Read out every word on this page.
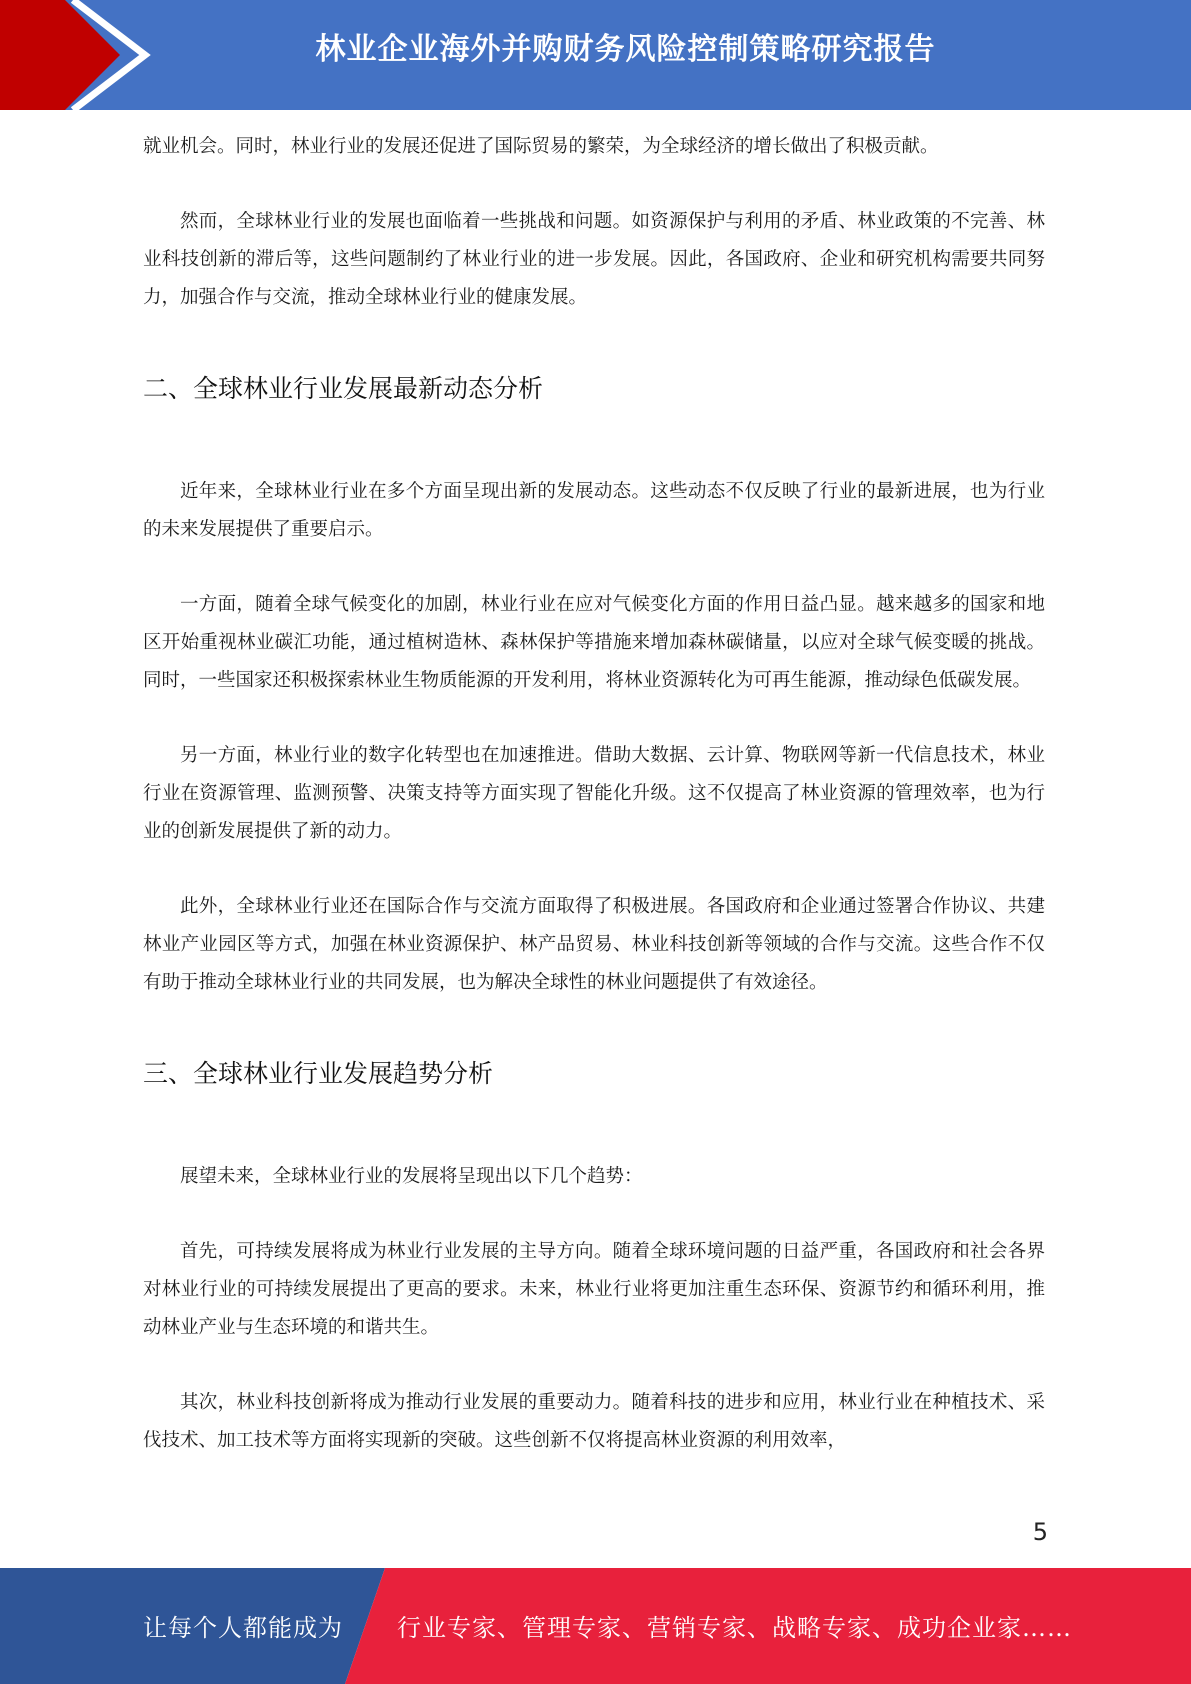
林业企业海外并购财务风险控制策略研究报告

就业机会。同时，林业行业的发展还促进了国际贸易的繁荣，为全球经济的增长做出了积极贡献。

然而，全球林业行业的发展也面临着一些挑战和问题。如资源保护与利用的矛盾、林业政策的不完善、林业科技创新的滞后等，这些问题制约了林业行业的进一步发展。因此，各国政府、企业和研究机构需要共同努力，加强合作与交流，推动全球林业行业的健康发展。

二、全球林业行业发展最新动态分析

近年来，全球林业行业在多个方面呈现出新的发展动态。这些动态不仅反映了行业的最新进展，也为行业的未来发展提供了重要启示。

一方面，随着全球气候变化的加剧，林业行业在应对气候变化方面的作用日益凸显。越来越多的国家和地区开始重视林业碳汇功能，通过植树造林、森林保护等措施来增加森林碳储量，以应对全球气候变暖的挑战。同时，一些国家还积极探索林业生物质能源的开发利用，将林业资源转化为可再生能源，推动绿色低碳发展。

另一方面，林业行业的数字化转型也在加速推进。借助大数据、云计算、物联网等新一代信息技术，林业行业在资源管理、监测预警、决策支持等方面实现了智能化升级。这不仅提高了林业资源的管理效率，也为行业的创新发展提供了新的动力。

此外，全球林业行业还在国际合作与交流方面取得了积极进展。各国政府和企业通过签署合作协议、共建林业产业园区等方式，加强在林业资源保护、林产品贸易、林业科技创新等领域的合作与交流。这些合作不仅有助于推动全球林业行业的共同发展，也为解决全球性的林业问题提供了有效途径。

三、全球林业行业发展趋势分析

展望未来，全球林业行业的发展将呈现出以下几个趋势：

首先，可持续发展将成为林业行业发展的主导方向。随着全球环境问题的日益严重，各国政府和社会各界对林业行业的可持续发展提出了更高的要求。未来，林业行业将更加注重生态环保、资源节约和循环利用，推动林业产业与生态环境的和谐共生。

其次，林业科技创新将成为推动行业发展的重要动力。随着科技的进步和应用，林业行业在种植技术、采伐技术、加工技术等方面将实现新的突破。这些创新不仅将提高林业资源的利用效率，

5
让每个人都能成为 行业专家、管理专家、营销专家、战略专家、成功企业家……
